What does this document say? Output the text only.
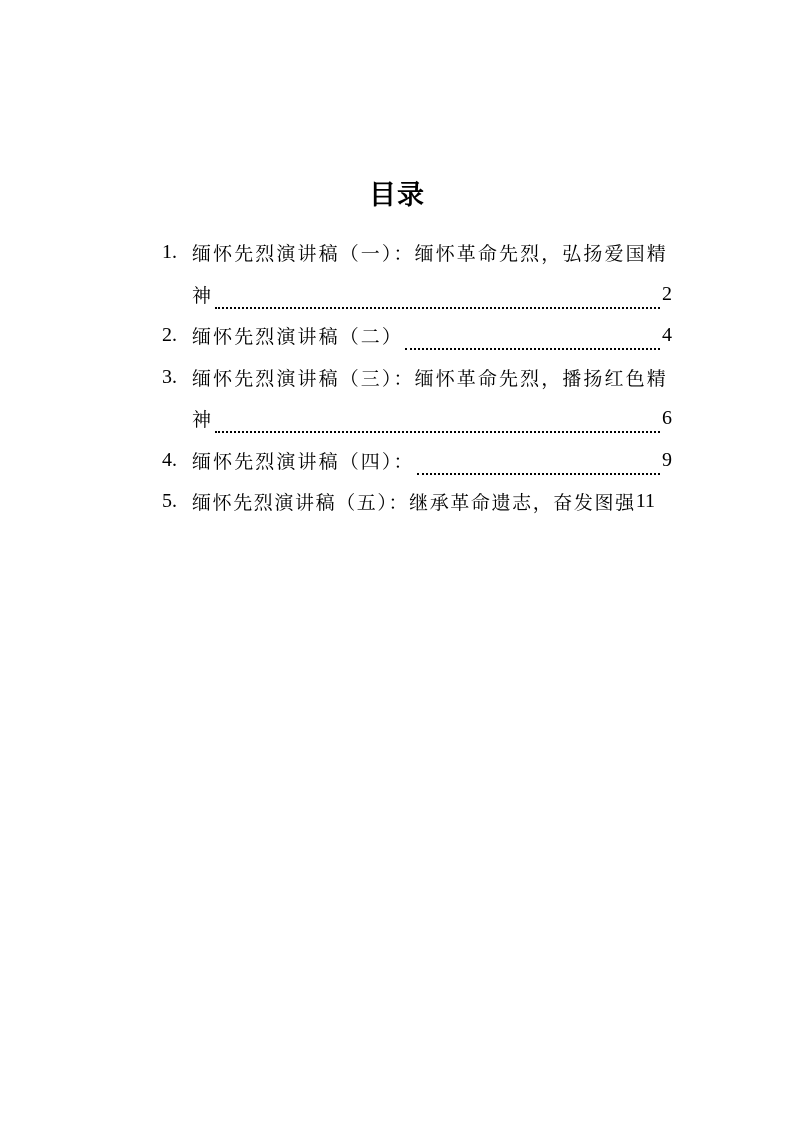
目录
1. 缅怀先烈演讲稿（一）：缅怀革命先烈，弘扬爱国精
神	2
2. 缅怀先烈演讲稿（二）	4
3. 缅怀先烈演讲稿（三）：缅怀革命先烈，播扬红色精
神	6
4. 缅怀先烈演讲稿（四）：	9
5. 缅怀先烈演讲稿（五）：继承革命遗志，奋发图强 11
